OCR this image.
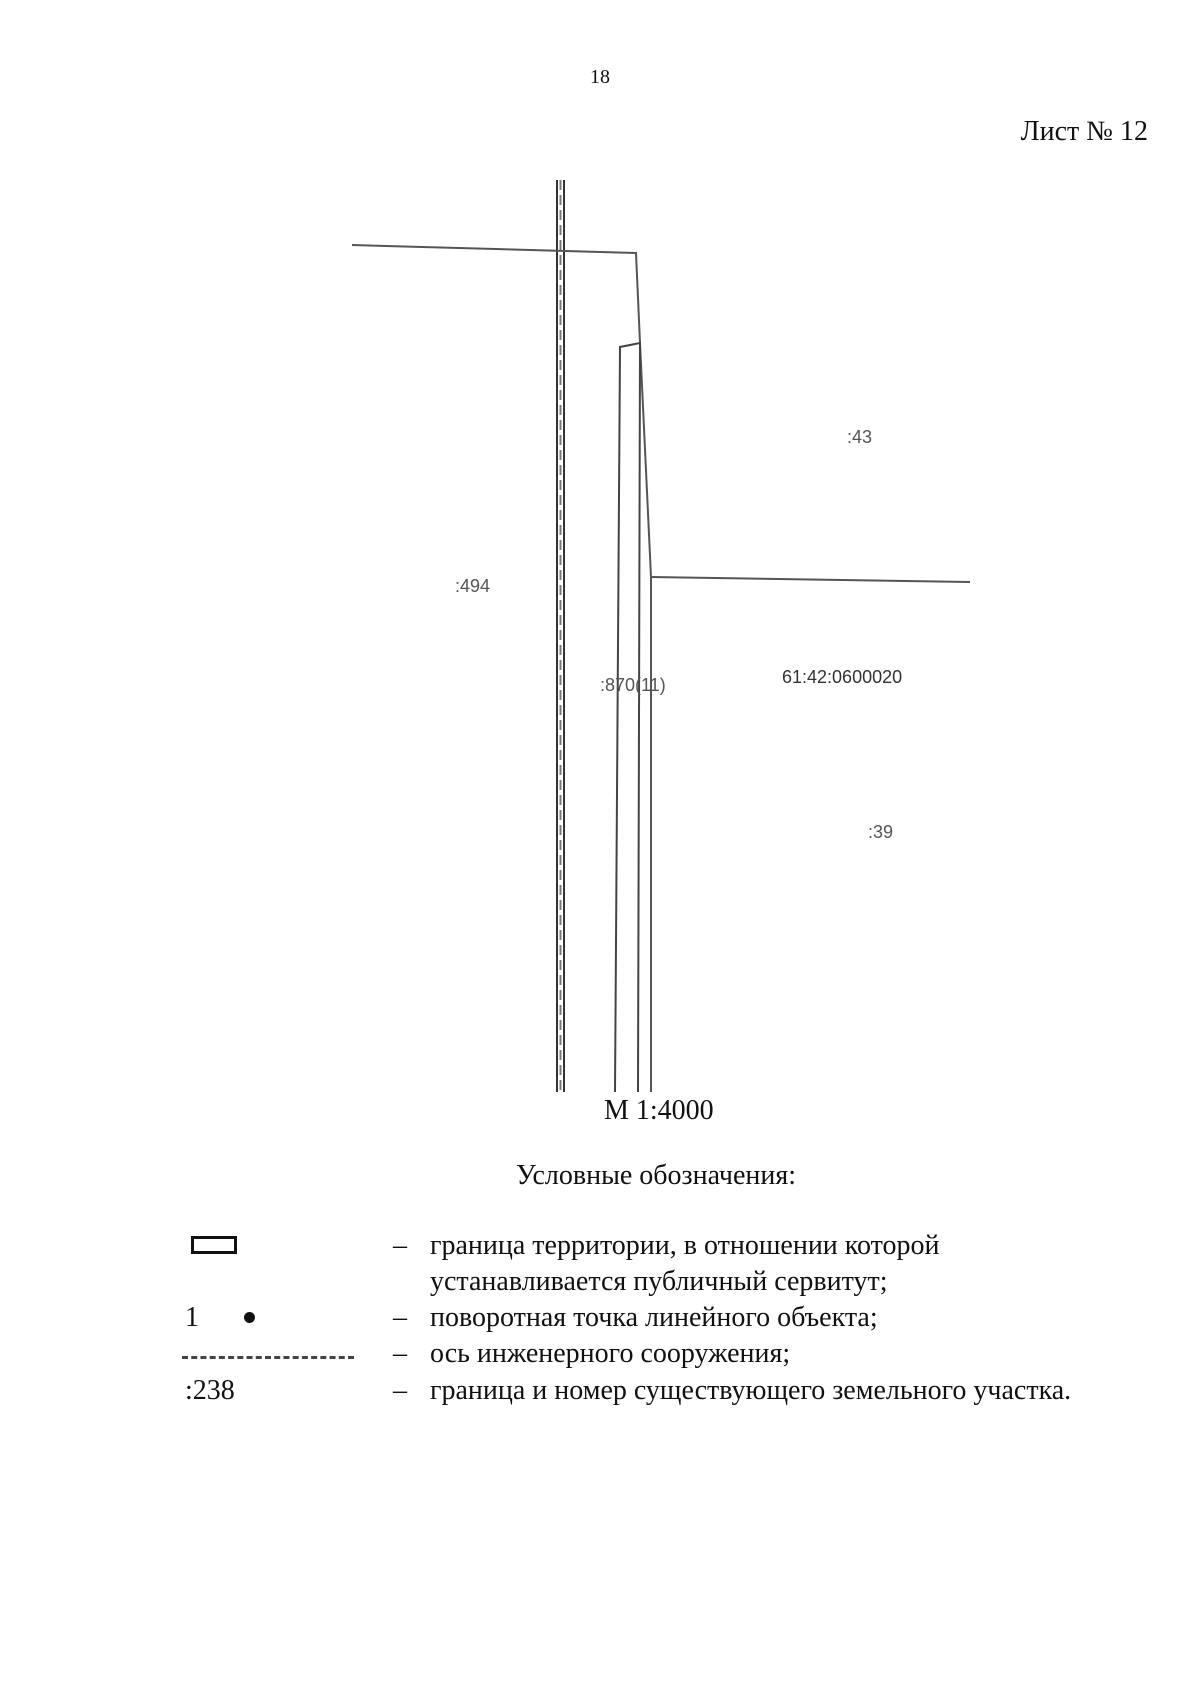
18
Лист № 12
:494
:43
:870(11)	61:42:0600020
:39
М 1:4000
Условные обозначения:
– граница территории, в отношении которой
устанавливается публичный сервитут;
1	– поворотная точка линейного объекта;
– ось инженерного сооружения;
:238	– граница и номер существующего земельного участка.
